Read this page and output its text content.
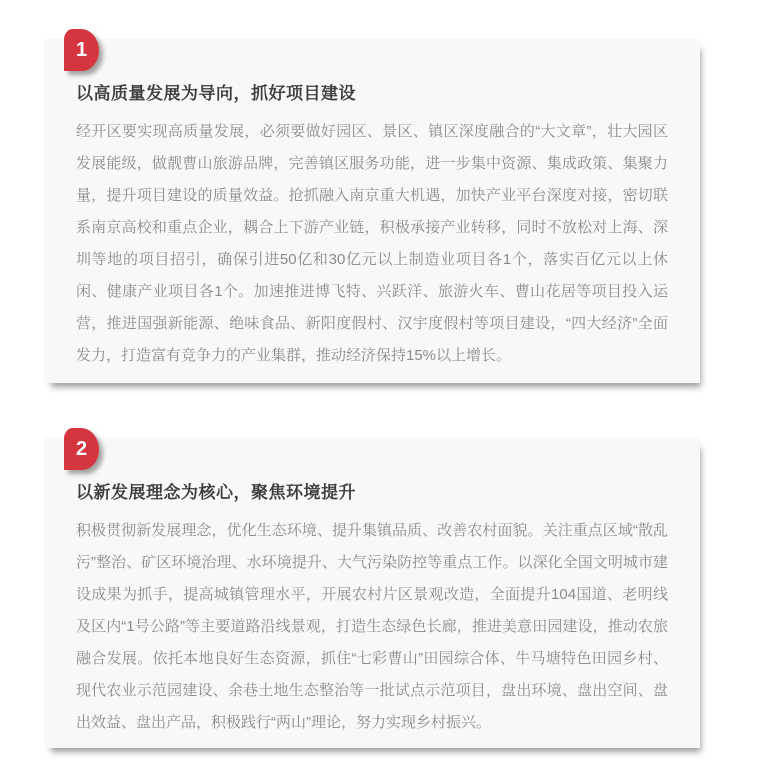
1
以高质量发展为导向，抓好项目建设

经开区要实现高质量发展，必须要做好园区、景区、镇区深度融合的“大文章”，壮大园区发展能级，做靓曹山旅游品牌，完善镇区服务功能，进一步集中资源、集成政策、集聚力量，提升项目建设的质量效益。抢抓融入南京重大机遇，加快产业平台深度对接，密切联系南京高校和重点企业，耦合上下游产业链，积极承接产业转移，同时不放松对上海、深圳等地的项目招引，确保引进50亿和30亿元以上制造业项目各1个，落实百亿元以上休闲、健康产业项目各1个。加速推进博飞特、兴跃洋、旅游火车、曹山花居等项目投入运营，推进国强新能源、绝味食品、新阳度假村、汉宇度假村等项目建设，“四大经济”全面发力，打造富有竞争力的产业集群，推动经济保持15%以上增长。

2
以新发展理念为核心，聚焦环境提升

积极贯彻新发展理念，优化生态环境、提升集镇品质、改善农村面貌。关注重点区域“散乱污”整治、矿区环境治理、水环境提升、大气污染防控等重点工作。以深化全国文明城市建设成果为抓手，提高城镇管理水平，开展农村片区景观改造，全面提升104国道、老明线及区内“1号公路”等主要道路沿线景观，打造生态绿色长廊，推进美意田园建设，推动农旅融合发展。依托本地良好生态资源，抓住“七彩曹山”田园综合体、牛马塘特色田园乡村、现代农业示范园建设、余巷土地生态整治等一批试点示范项目，盘出环境、盘出空间、盘出效益、盘出产品，积极践行“两山”理论，努力实现乡村振兴。
